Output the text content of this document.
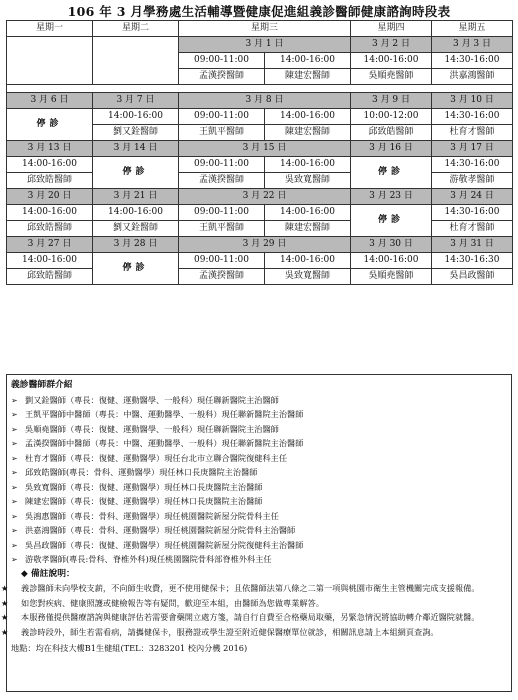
106 年 3 月學務處生活輔導暨健康促進組義診醫師健康諮詢時段表
星期一	星期二	星期三		星期四	星期五
		3 月 1 日		3 月 2 日	3 月 3 日
		09:00-11:00	14:00-16:00	14:00-16:00	14:30-16:00
		孟漢揆醫師	陳建宏醫師	吳順堯醫師	洪嘉鴻醫師

3 月 6 日	3 月 7 日	3 月 8 日		3 月 9 日	3 月 10 日
停診	14:00-16:00	09:00-11:00	14:00-16:00	10:00-12:00	14:30-16:00
	劉又銓醫師	王凱平醫師	陳建宏醫師	邱致皓醫師	杜育才醫師

3 月 13 日	3 月 14 日	3 月 15 日		3 月 16 日	3 月 17 日
14:00-16:00	停診	09:00-11:00	14:00-16:00	停診	14:30-16:00
邱致皓醫師		孟漢揆醫師	吳致寬醫師		游敬孝醫師

3 月 20 日	3 月 21 日	3 月 22 日		3 月 23 日	3 月 24 日
14:00-16:00	14:00-16:00	09:00-11:00	14:00-16:00	停診	14:30-16:00
邱致皓醫師	劉又銓醫師	王凱平醫師	陳建宏醫師		杜育才醫師

3 月 27 日	3 月 28 日	3 月 29 日		3 月 30 日	3 月 31 日
14:00-16:00	停診	09:00-11:00	14:00-16:00	14:00-16:00	14:30-16:30
邱致皓醫師		孟漢揆醫師	吳致寬醫師	吳順堯醫師	吳昌政醫師

義診醫師群介紹
➢ 劉又銓醫師（專長：復健、運動醫學、一般科）現任聯新醫院主治醫師
➢ 王凱平醫師中醫師（專長：中醫、運動醫學、一般科）現任聯新醫院主治醫師
➢ 吳順堯醫師（專長：復健、運動醫學、一般科）現任聯新醫院主治醫師
➢ 孟漢揆醫師中醫師（專長：中醫、運動醫學、一般科）現任聯新醫院主治醫師
➢ 杜育才醫師（專長：復健、運動醫學）現任台北市立聯合醫院復健科主任
➢ 邱致皓醫師(專長：骨科、運動醫學）現任林口長庚醫院主治醫師
➢ 吳致寬醫師（專長：復健、運動醫學）現任林口長庚醫院主治醫師
➢ 陳建宏醫師（專長：復健、運動醫學）現任林口長庚醫院主治醫師
➢ 吳鴻惠醫師（專長：骨科、運動醫學）現任桃園醫院新屋分院骨科主任
➢ 洪嘉鴻醫師（專長：骨科、運動醫學）現任桃園醫院新屋分院骨科主治醫師
➢ 吳昌政醫師（專長：復健、運動醫學）現任桃園醫院新屋分院復健科主治醫師
➢ 游敬孝醫師(專長:骨科、脊椎外科)現任桃園醫院骨科部脊椎外科主任
◆ 備註說明：
★ 義診醫師未向學校支薪，不向師生收費，更不使用健保卡；且依醫師法第八條之二第一項與桃園市衛生主管機關完成支援報備。
★ 如您對疾病、健康照護或健檢報告等有疑問，歡迎至本組，由醫師為您做專業解答。
★ 本服務僅提供醫療諮詢與健康評估若需要會藥開立處方箋，請自行自費至合格藥局取藥，另緊急情況將協助轉介鄰近醫院就醫。
★ 義診時段外，師生若需看病，請攜健保卡，服務證或學生證至附近健保醫療單位就診，相關訊息請上本組網頁查詢。
地點：均在科技大樓B1生健組(TEL：3283201 校內分機 2016)
